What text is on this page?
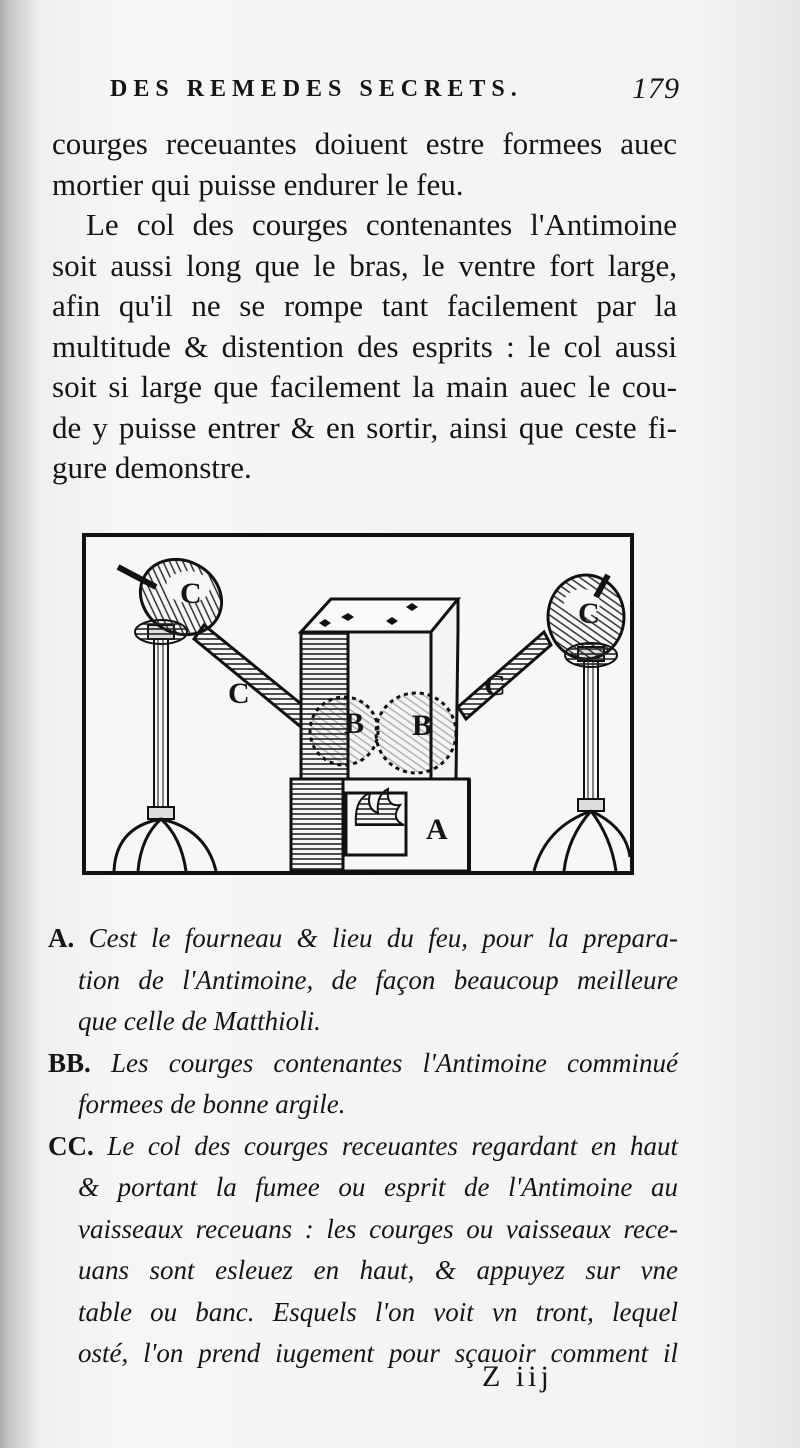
DES REMEDES SECRETS.	179
courges receuantes doiuent estre formees auec
mortier qui puisse endurer le feu.
Le col des courges contenantes l'Antimoine
soit aussi long que le bras, le ventre fort large,
afin qu'il ne se rompe tant facilement par la
multitude & distention des esprits : le col aussi
soit si large que facilement la main auec le cou-
de y puisse entrer & en sortir, ainsi que ceste fi-
gure demonstre.
C
C	C
C
B B
A
A. Cest le fourneau & lieu du feu, pour la prepara-
tion de l'Antimoine, de façon beaucoup meilleure
que celle de Matthioli.
BB. Les courges contenantes l'Antimoine comminué
formees de bonne argile.
CC. Le col des courges receuantes regardant en haut
& portant la fumee ou esprit de l'Antimoine au
vaisseaux receuans : les courges ou vaisseaux rece-
uans sont esleuez en haut, & appuyez sur vne
table ou banc. Esquels l'on voit vn tront, lequel
osté, l'on prend iugement pour sçauoir comment il
Z iij
